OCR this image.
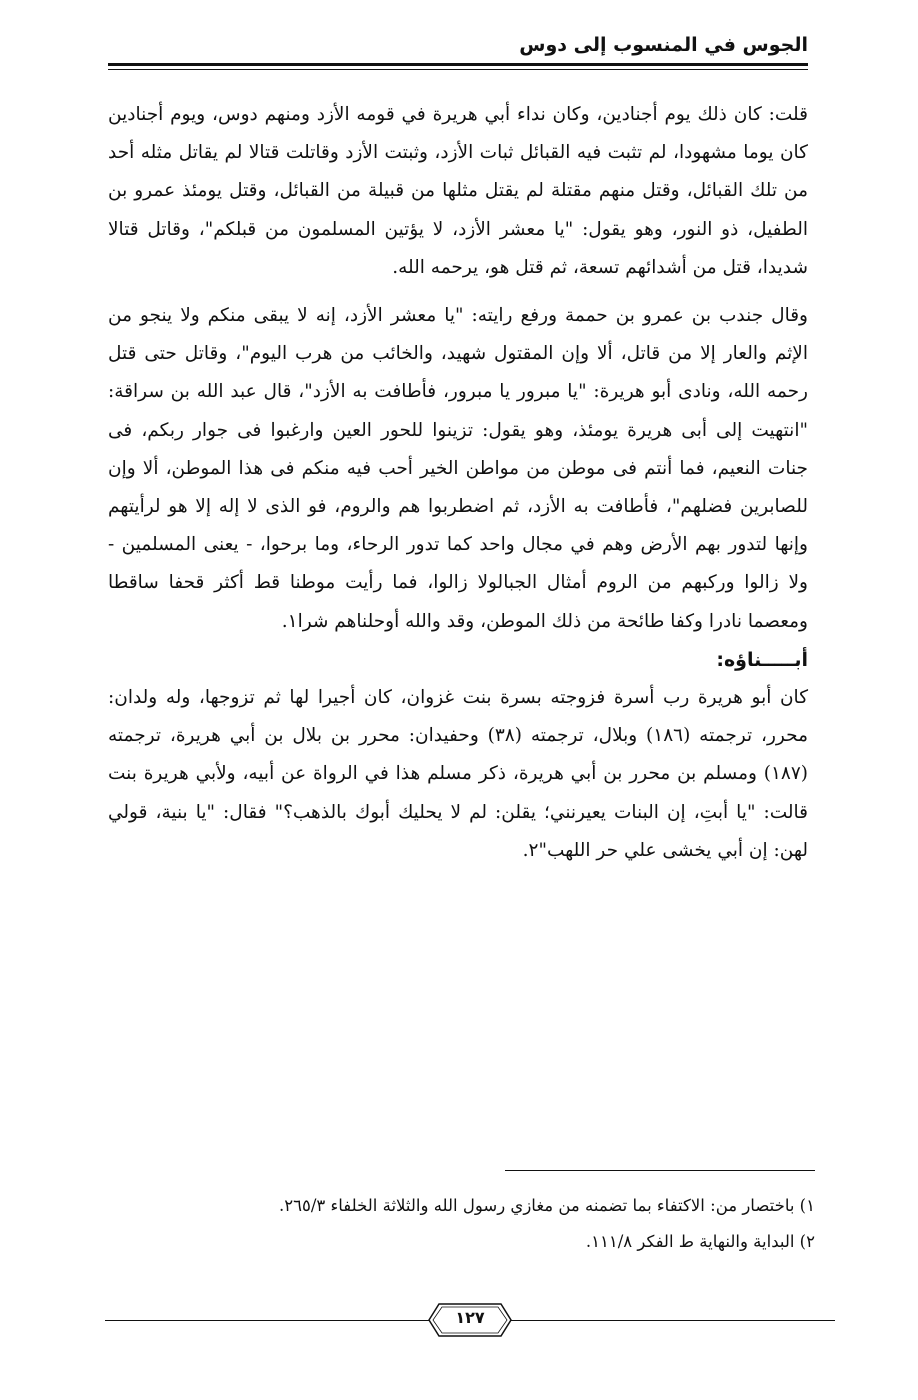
الجوس في المنسوب إلى دوس

قلت: كان ذلك يوم أجنادين، وكان نداء أبي هريرة في قومه الأزد ومنهم دوس، ويوم أجنادين كان يوما مشهودا، لم تثبت فيه القبائل ثبات الأزد، وثبتت الأزد وقاتلت قتالا لم يقاتل مثله أحد من تلك القبائل، وقتل منهم مقتلة لم يقتل مثلها من قبيلة من القبائل، وقتل يومئذ عمرو بن الطفيل، ذو النور، وهو يقول: "يا معشر الأزد، لا يؤتين المسلمون من قبلكم"، وقاتل قتالا شديدا، قتل من أشدائهم تسعة، ثم قتل هو، يرحمه الله.

وقال جندب بن عمرو بن حممة ورفع رايته: "يا معشر الأزد، إنه لا يبقى منكم ولا ينجو من الإثم والعار إلا من قاتل، ألا وإن المقتول شهيد، والخائب من هرب اليوم"، وقاتل حتى قتل رحمه الله، ونادى أبو هريرة: "يا مبرور يا مبرور، فأطافت به الأزد"، قال عبد الله بن سراقة: "انتهيت إلى أبى هريرة يومئذ، وهو يقول: تزينوا للحور العين وارغبوا فى جوار ربكم، فى جنات النعيم، فما أنتم فى موطن من مواطن الخير أحب فيه منكم فى هذا الموطن، ألا وإن للصابرين فضلهم"، فأطافت به الأزد، ثم اضطربوا هم والروم، فو الذى لا إله إلا هو لرأيتهم وإنها لتدور بهم الأرض وهم في مجال واحد كما تدور الرحاء، وما برحوا، - يعنى المسلمين - ولا زالوا وركبهم من الروم أمثال الجبالولا زالوا، فما رأيت موطنا قط أكثر قحفا ساقطا ومعصما نادرا وكفا طائحة من ذلك الموطن، وقد والله أوحلناهم شرا١.

أبـــــناؤه:

كان أبو هريرة رب أسرة فزوجته بسرة بنت غزوان، كان أجيرا لها ثم تزوجها، وله ولدان: محرر، ترجمته (١٨٦) وبلال، ترجمته (٣٨) وحفيدان: محرر بن بلال بن أبي هريرة، ترجمته (١٨٧) ومسلم بن محرر بن أبي هريرة، ذكر مسلم هذا في الرواة عن أبيه، ولأبي هريرة بنت قالت: "يا أبتِ، إن البنات يعيرنني؛ يقلن: لم لا يحليك أبوك بالذهب؟" فقال: "يا بنية، قولي لهن: إن أبي يخشى علي حر اللهب"٢.

١) باختصار من: الاكتفاء بما تضمنه من مغازي رسول الله والثلاثة الخلفاء ٢٦٥/٣.

٢) البداية والنهاية ط الفكر ١١١/٨.

١٢٧
